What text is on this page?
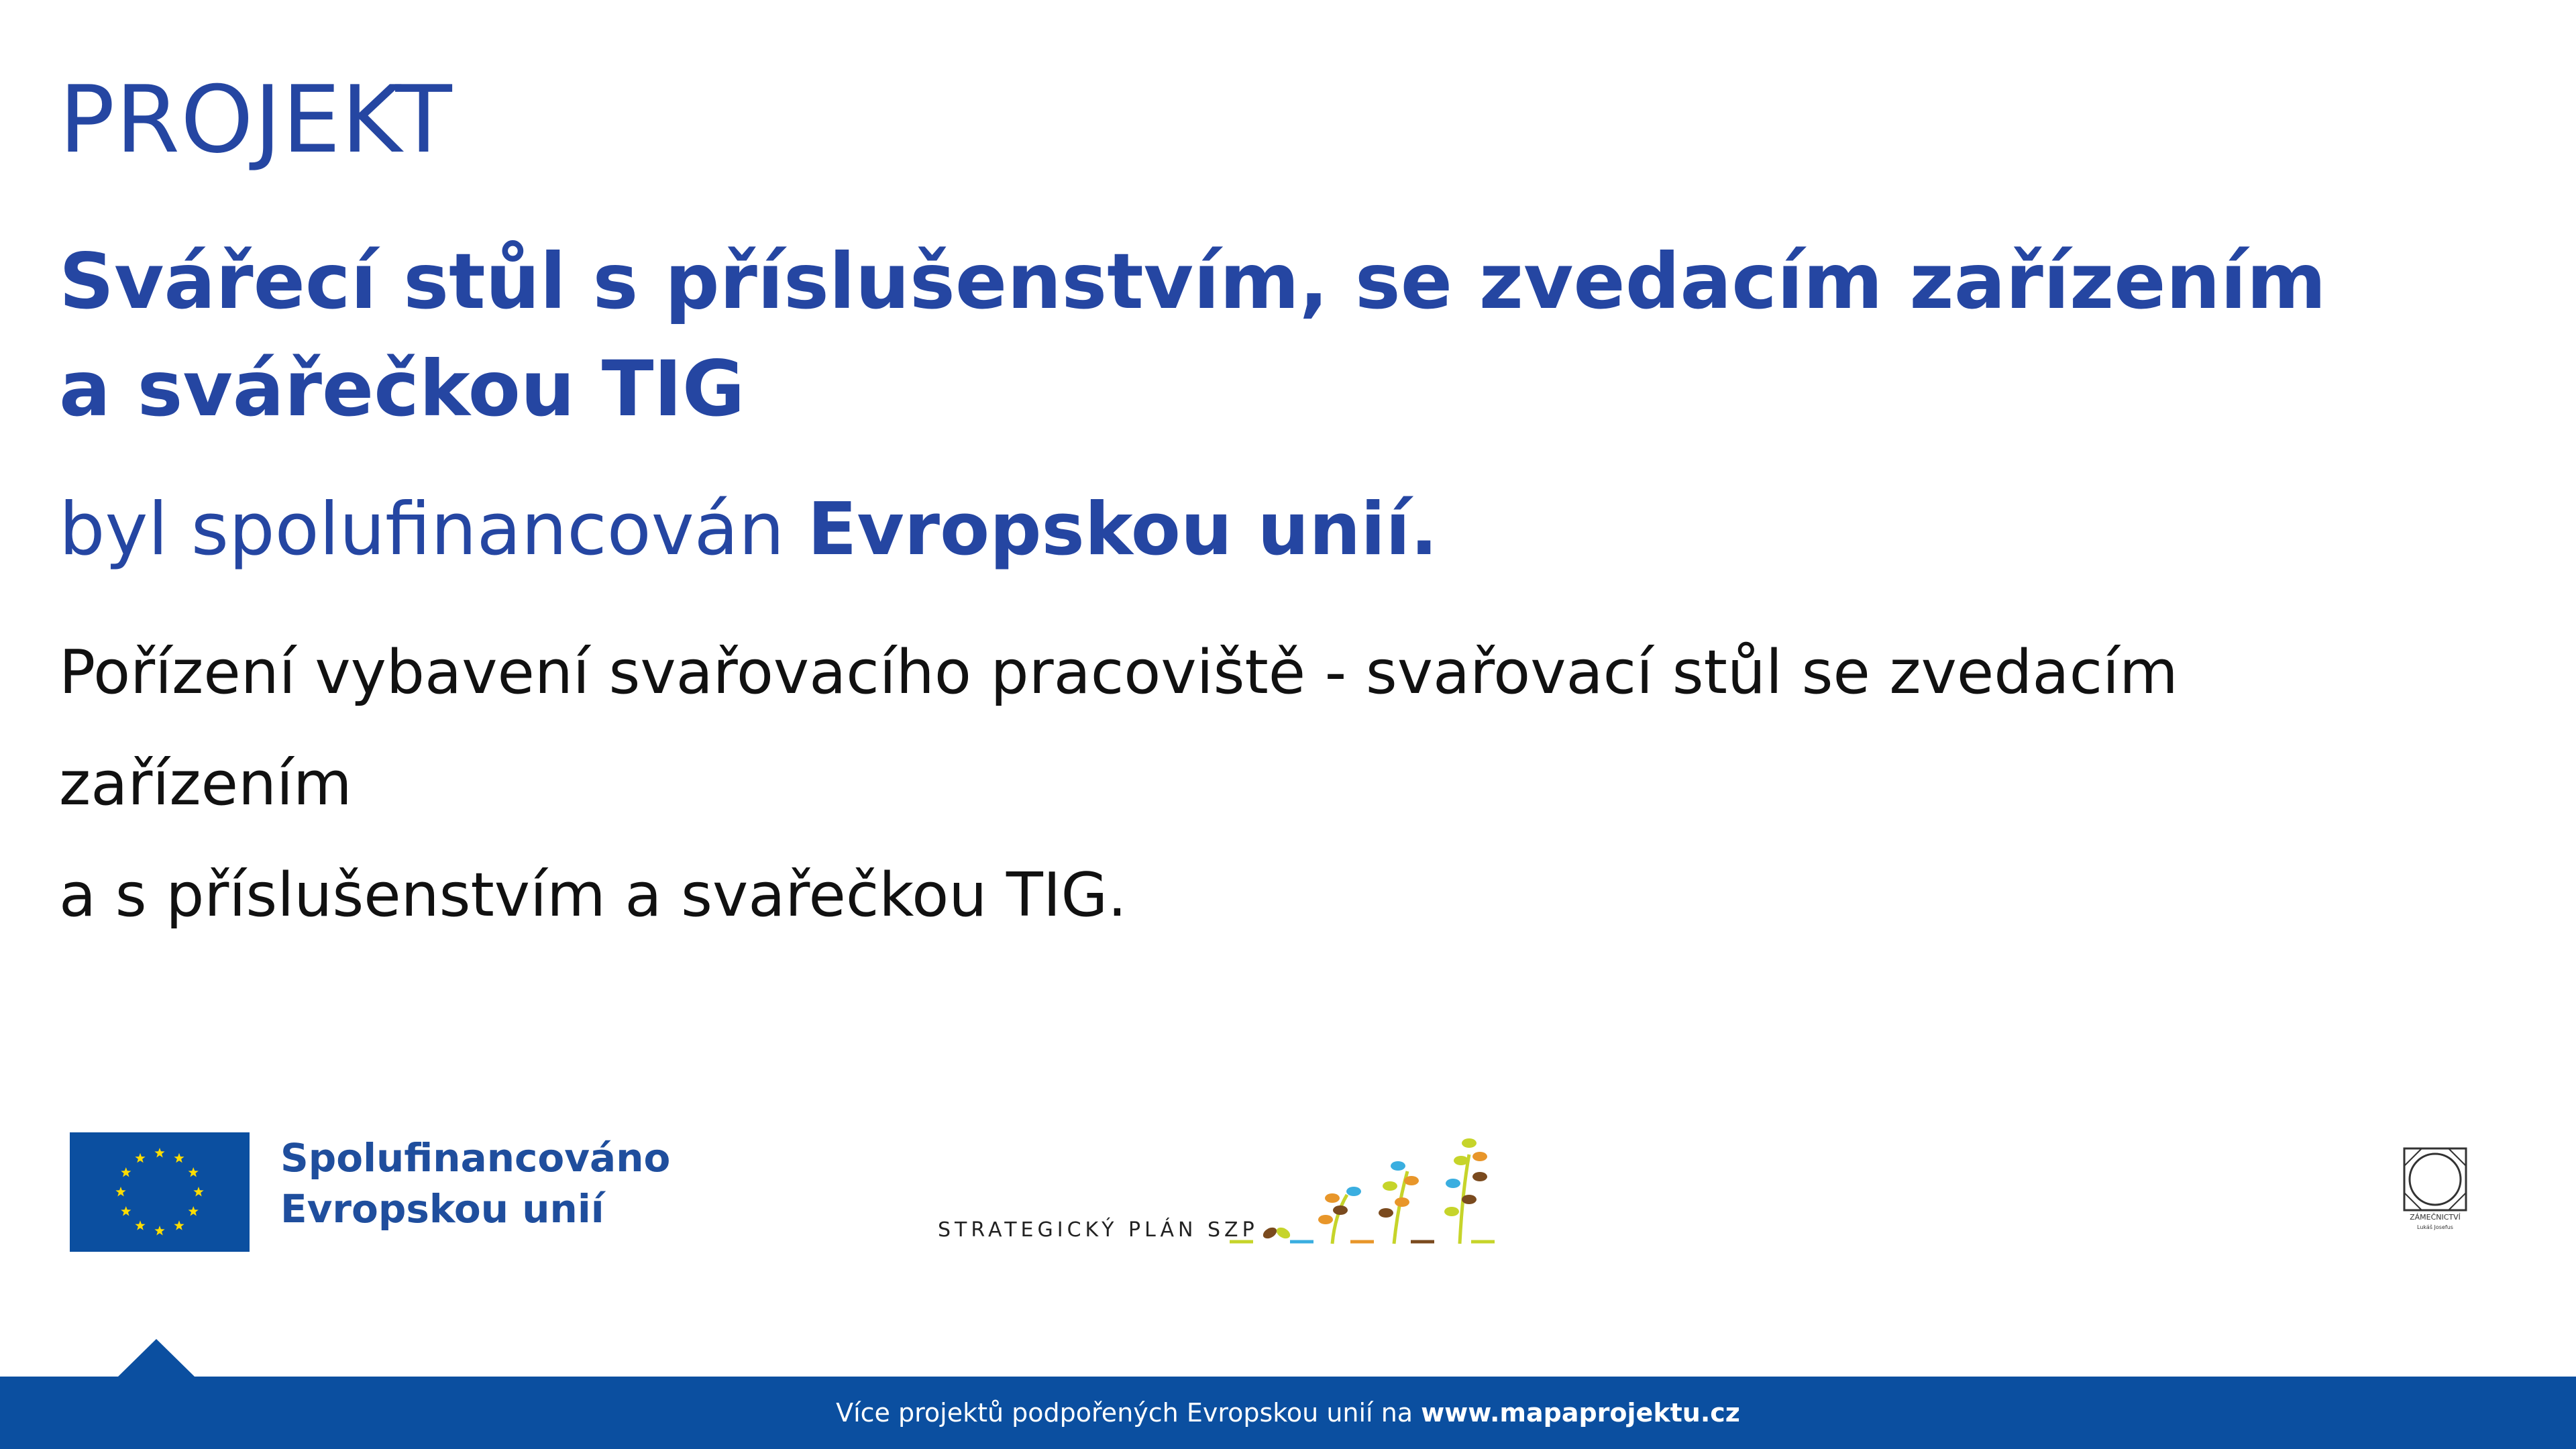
PROJEKT
Svářecí stůl s příslušenstvím, se zvedacím zařízením
a svářečkou TIG
byl spolufinancován Evropskou unií.
Pořízení vybavení svařovacího pracoviště - svařovací stůl se zvedacím zařízením
a s příslušenstvím a svařečkou TIG.
Spolufinancováno
Evropskou unií	STRATEGICKÝ PLÁN SZP
ZÁMEČNICTVÍ
Lukáš Josefus
Více projektů podpořených Evropskou unií na www.mapaprojektu.cz
